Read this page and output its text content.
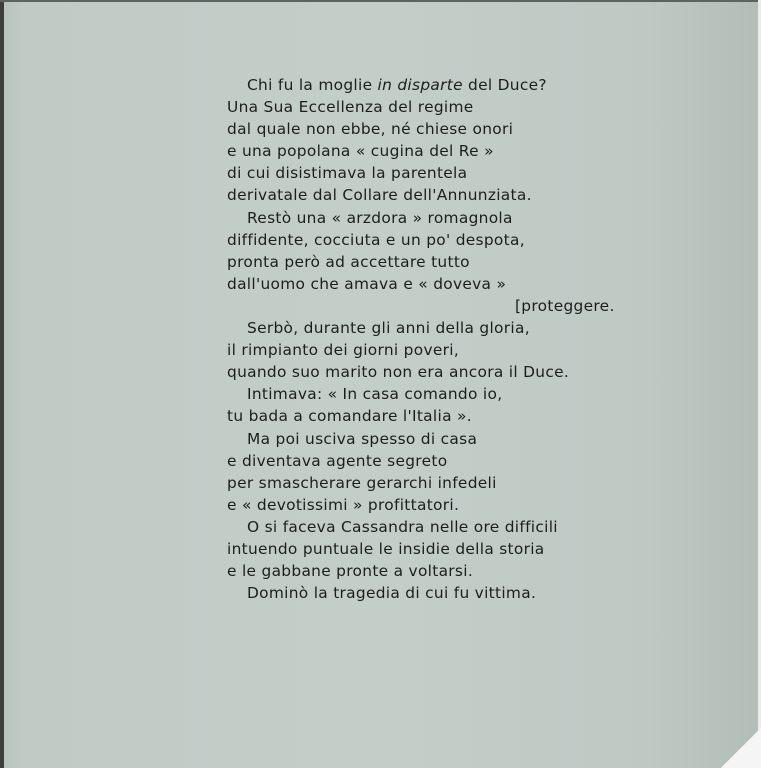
Chi fu la moglie in disparte del Duce?
Una Sua Eccellenza del regime
dal quale non ebbe, né chiese onori
e una popolana « cugina del Re »
di cui disistimava la parentela
derivatale dal Collare dell'Annunziata.
Restò una « arzdora » romagnola
diffidente, cocciuta e un po' despota,
pronta però ad accettare tutto
dall'uomo che amava e « doveva »
[proteggere.
Serbò, durante gli anni della gloria,
il rimpianto dei giorni poveri,
quando suo marito non era ancora il Duce.
Intimava: « In casa comando io,
tu bada a comandare l'Italia ».
Ma poi usciva spesso di casa
e diventava agente segreto
per smascherare gerarchi infedeli
e « devotissimi » profittatori.
O si faceva Cassandra nelle ore difficili
intuendo puntuale le insidie della storia
e le gabbane pronte a voltarsi.
Dominò la tragedia di cui fu vittima.
